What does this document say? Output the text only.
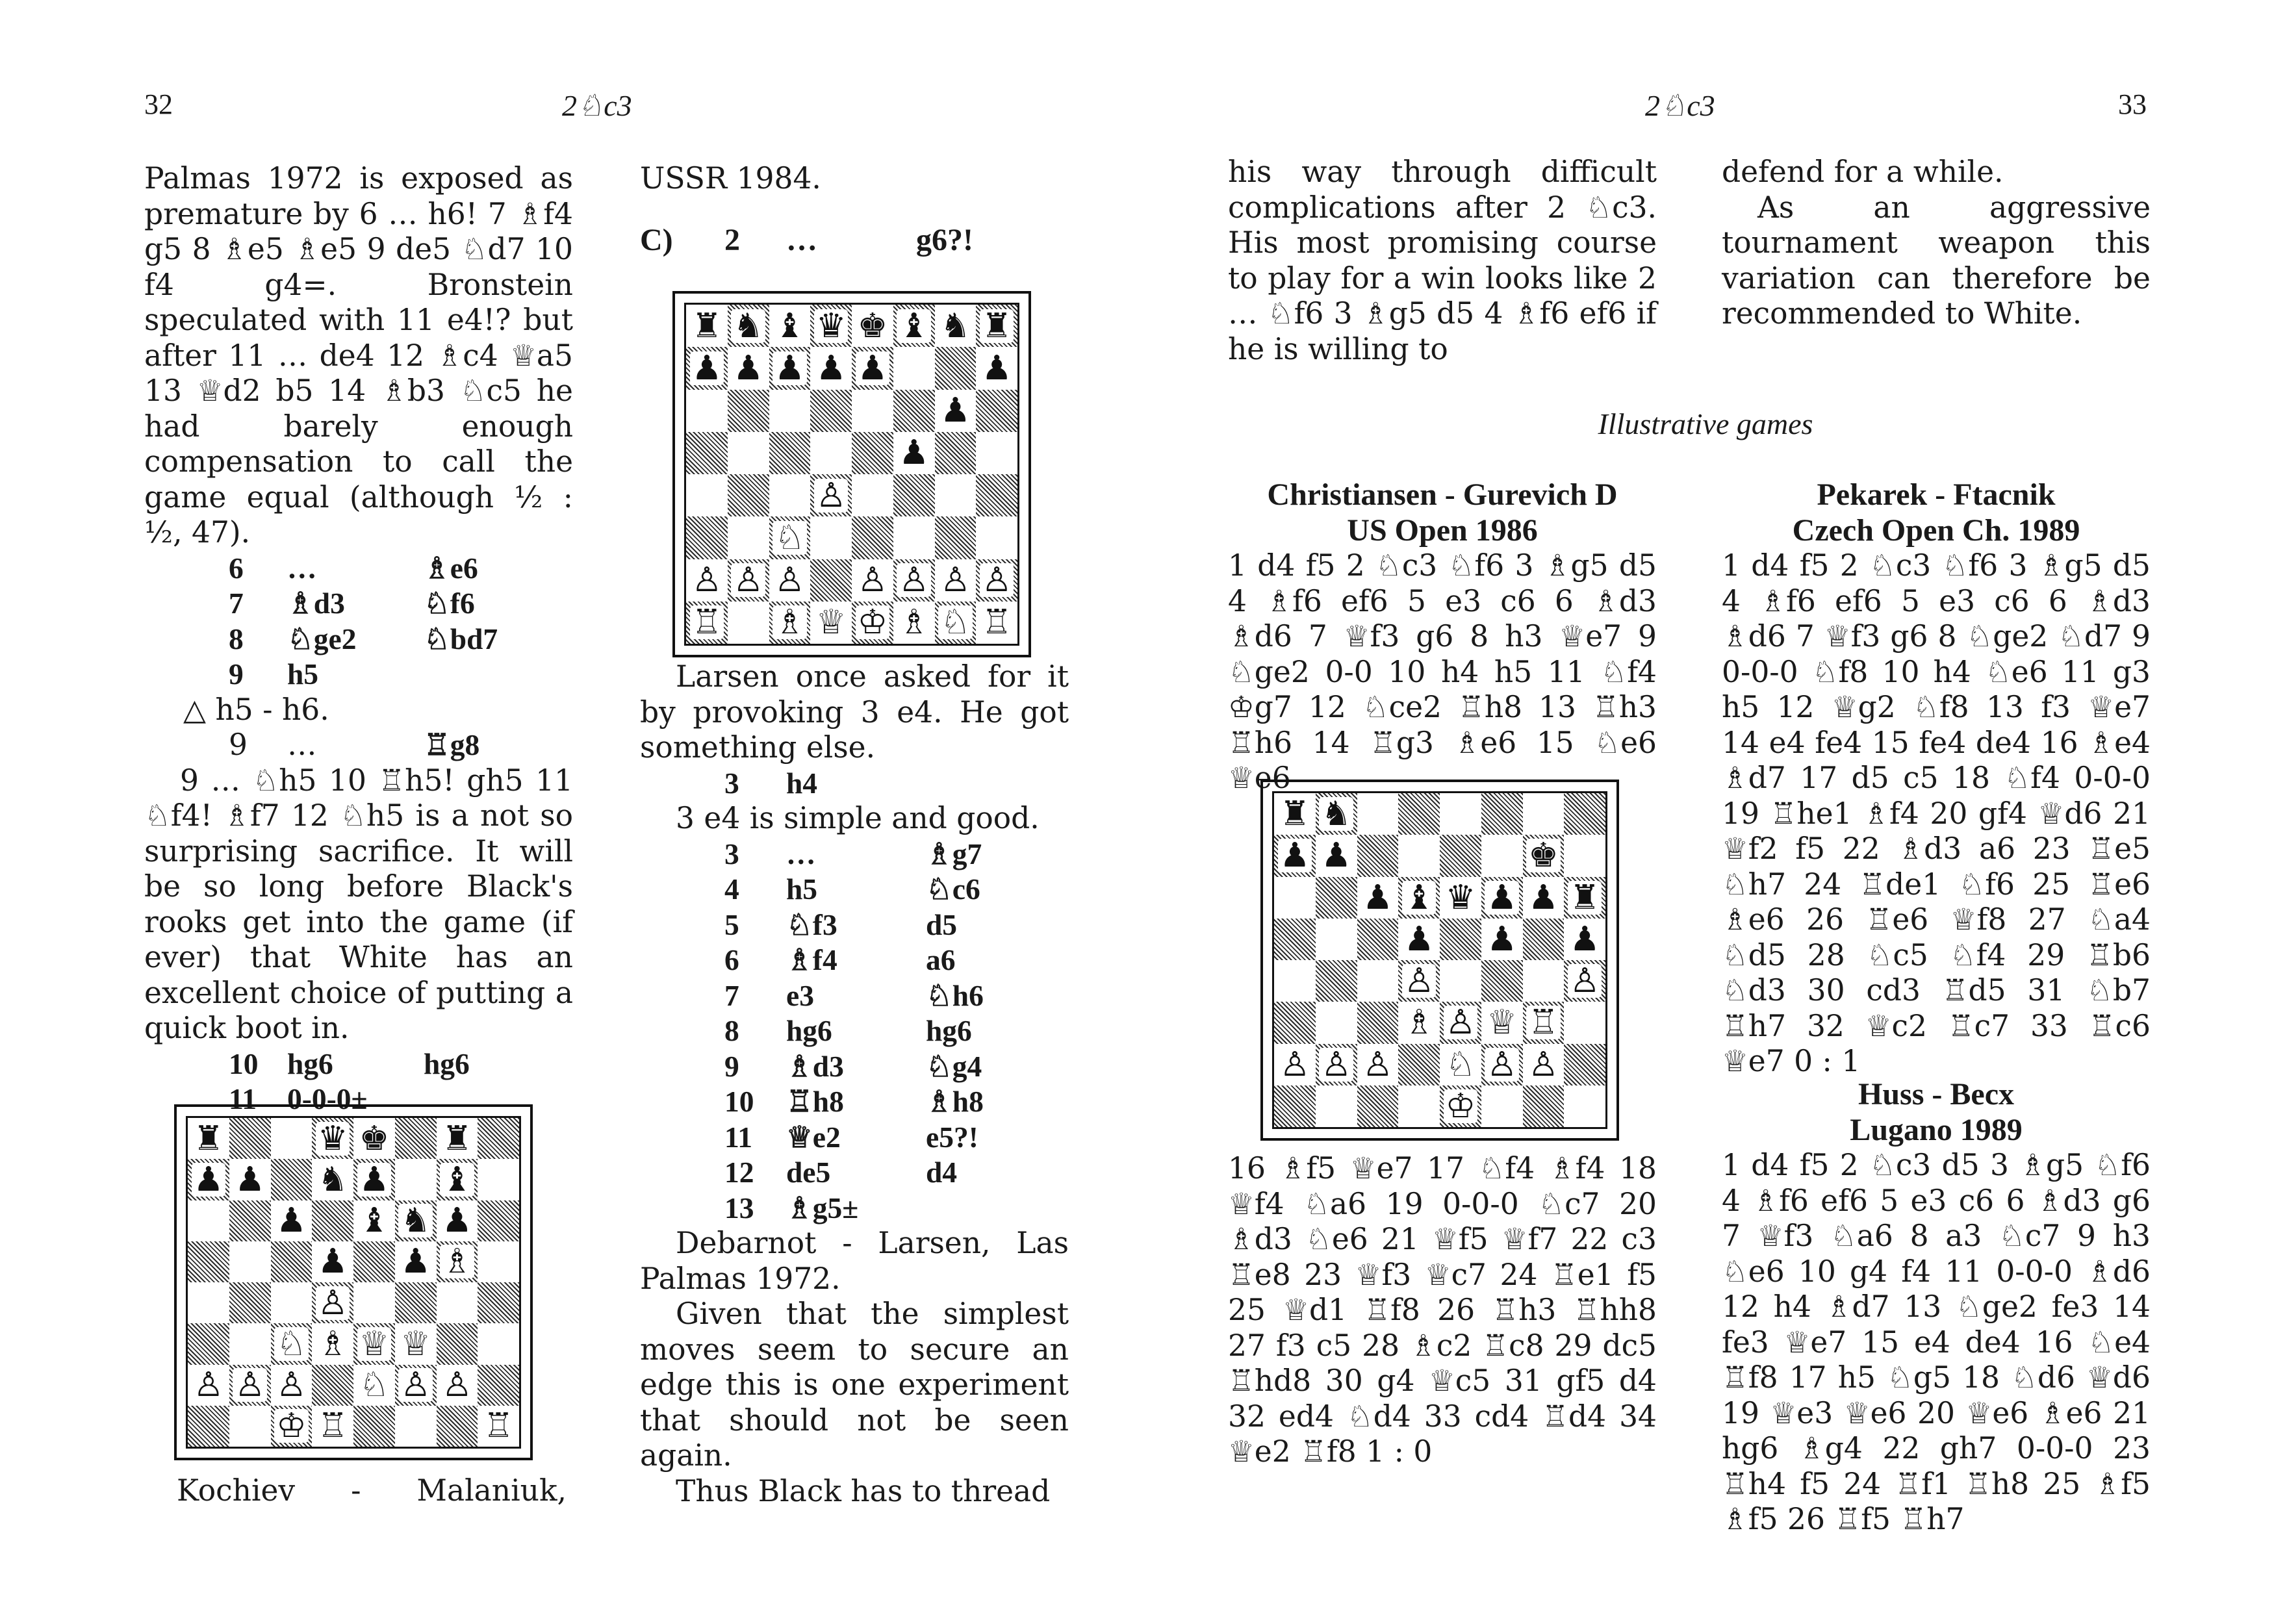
32	2♘c3

Palmas 1972 is exposed as premature by 6 … h6! 7 ♗f4 g5 8 ♗e5 ♗e5 9 de5 ♘d7 10 f4 g4=. Bronstein speculated with 11 e4!? but after 11 … de4 12 ♗c4 ♕a5 13 ♕d2 b5 14 ♗b3 ♘c5 he had barely enough compensation to call the game equal (although ½ : ½, 47).

6	…	♗e6
7	♗d3	♘f6
8	♘ge2	♘bd7
9	h5

△ h5 - h6.

9	…	♖g8

9 … ♘h5 10 ♖h5! gh5 11 ♘f4! ♗f7 12 ♘h5 is a not so surprising sacrifice. It will be so long before Black's rooks get into the game (if ever) that White has an excellent choice of putting a quick boot in.

10 hg6	hg6
11	0-0-0±
♜	♛ ♚ ♜
♟ ♟ ♞ ♟ ♝
♟ ♝ ♞ ♟
♟ ♟ ♗
♙
♘ ♗ ♕ ♕
♙ ♙ ♙ ♘ ♙ ♙
♔ ♖	♖
Kochiev - Malaniuk,

USSR 1984.

C)	2	…	g6?!
♜ ♞ ♝ ♛ ♚ ♝ ♞ ♜
♟ ♟ ♟ ♟ ♟	♟
♟
♟
♙
♘
♙ ♙ ♙ ♙ ♙ ♙ ♙
♖ ♗ ♕ ♔ ♗ ♘ ♖

Larsen once asked for it by provoking 3 e4. He got something else.

3	h4

3 e4 is simple and good.

3	…	♗g7
4	h5	♘c6
5	♘f3	d5
6	♗f4	a6
7	e3	♘h6
8	hg6	hg6
9	♗d3	♘g4
10	♖h8	♗h8
11	♕e2	e5?!
12	de5	d4
13	♗g5±

Debarnot - Larsen, Las Palmas 1972.

Given that the simplest moves seem to secure an edge this is one experiment that should not be seen again.

Thus Black has to thread

2♘c3	33

his way through difficult complications after 2 ♘c3. His most promising course to play for a win looks like 2 … ♘f6 3 ♗g5 d5 4 ♗f6 ef6 if he is willing to

defend for a while.

As an aggressive tournament weapon this variation can therefore be recommended to White.

Illustrative games
Christiansen - Gurevich D
US Open 1986

1 d4 f5 2 ♘c3 ♘f6 3 ♗g5 d5 4 ♗f6 ef6 5 e3 c6 6 ♗d3 ♗d6 7 ♕f3 g6 8 h3 ♕e7 9 ♘ge2 0-0 10 h4 h5 11 ♘f4 ♔g7 12 ♘ce2 ♖h8 13 ♖h3 ♖h6 14 ♖g3 ♗e6 15 ♘e6 ♕e6

♜ ♞
♟ ♟	♚
♟ ♝ ♛ ♟ ♟ ♜
♟ ♟ ♟
♙	♙
♗ ♙ ♕ ♖
♙ ♙ ♙ ♘ ♙ ♙
♔

16 ♗f5 ♕e7 17 ♘f4 ♗f4 18 ♕f4 ♘a6 19 0-0-0 ♘c7 20 ♗d3 ♘e6 21 ♕f5 ♕f7 22 c3 ♖e8 23 ♕f3 ♕c7 24 ♖e1 f5 25 ♕d1 ♖f8 26 ♖h3 ♖hh8 27 f3 c5 28 ♗c2 ♖c8 29 dc5 ♖hd8 30 g4 ♕c5 31 gf5 d4 32 ed4 ♘d4 33 cd4 ♖d4 34 ♕e2 ♖f8 1 : 0

Pekarek - Ftacnik
Czech Open Ch. 1989

1 d4 f5 2 ♘c3 ♘f6 3 ♗g5 d5 4 ♗f6 ef6 5 e3 c6 6 ♗d3 ♗d6 7 ♕f3 g6 8 ♘ge2 ♘d7 9 0-0-0 ♘f8 10 h4 ♘e6 11 g3 h5 12 ♕g2 ♘f8 13 f3 ♕e7 14 e4 fe4 15 fe4 de4 16 ♗e4 ♗d7 17 d5 c5 18 ♘f4 0-0-0 19 ♖he1 ♗f4 20 gf4 ♕d6 21 ♕f2 f5 22 ♗d3 a6 23 ♖e5 ♘h7 24 ♖de1 ♘f6 25 ♖e6 ♗e6 26 ♖e6 ♕f8 27 ♘a4 ♘d5 28 ♘c5 ♘f4 29 ♖b6 ♘d3 30 cd3 ♖d5 31 ♘b7 ♖h7 32 ♕c2 ♖c7 33 ♖c6 ♕e7 0 : 1

Huss - Becx
Lugano 1989

1 d4 f5 2 ♘c3 d5 3 ♗g5 ♘f6 4 ♗f6 ef6 5 e3 c6 6 ♗d3 g6 7 ♕f3 ♘a6 8 a3 ♘c7 9 h3 ♘e6 10 g4 f4 11 0-0-0 ♗d6 12 h4 ♗d7 13 ♘ge2 fe3 14 fe3 ♕e7 15 e4 de4 16 ♘e4 ♖f8 17 h5 ♘g5 18 ♘d6 ♕d6 19 ♕e3 ♕e6 20 ♕e6 ♗e6 21 hg6 ♗g4 22 gh7 0-0-0 23 ♖h4 f5 24 ♖f1 ♖h8 25 ♗f5 ♗f5 26 ♖f5 ♖h7
